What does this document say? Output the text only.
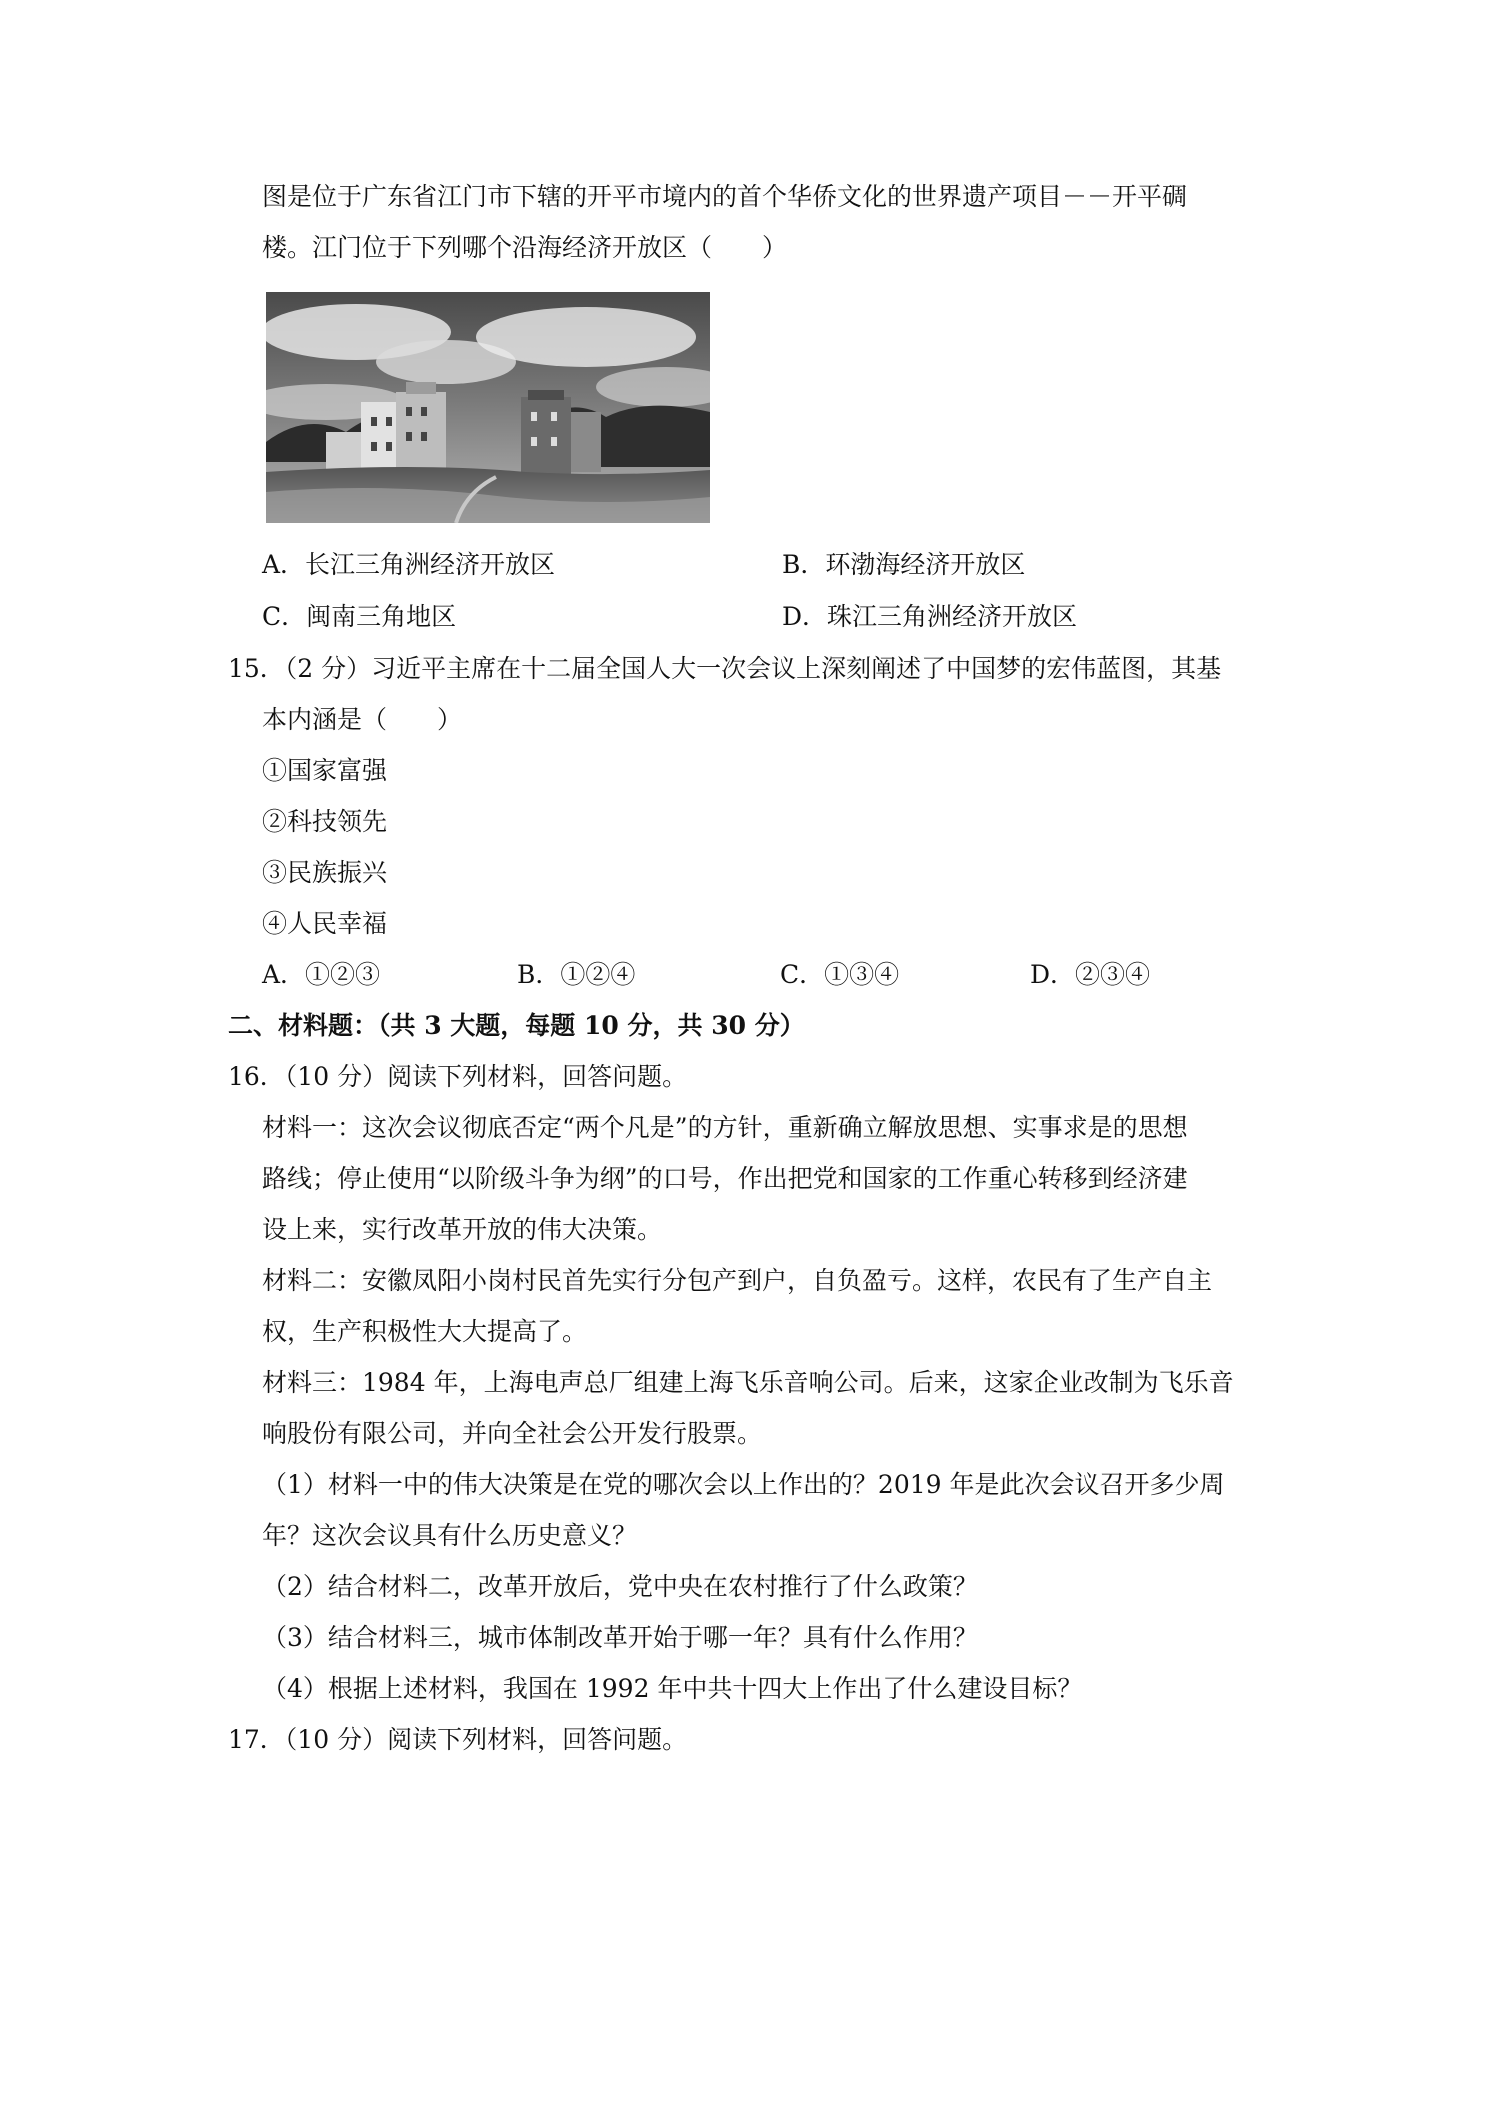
图是位于广东省江门市下辖的开平市境内的首个华侨文化的世界遗产项目－－开平碉

楼。江门位于下列哪个沿海经济开放区（　　）

A．长江三角洲经济开放区	B．环渤海经济开放区

C．闽南三角地区	D．珠江三角洲经济开放区

15．（2 分）习近平主席在十二届全国人大一次会议上深刻阐述了中国梦的宏伟蓝图，其基

本内涵是（　　）

①国家富强

②科技领先

③民族振兴

④人民幸福

A．①②③	B．①②④	C．①③④	D．②③④

二、材料题：（共 3 大题，每题 10 分，共 30 分）

16．（10 分）阅读下列材料，回答问题。

材料一：这次会议彻底否定“两个凡是”的方针，重新确立解放思想、实事求是的思想

路线；停止使用“以阶级斗争为纲”的口号，作出把党和国家的工作重心转移到经济建

设上来，实行改革开放的伟大决策。

材料二：安徽凤阳小岗村民首先实行分包产到户，自负盈亏。这样，农民有了生产自主

权，生产积极性大大提高了。

材料三：1984 年，上海电声总厂组建上海飞乐音响公司。后来，这家企业改制为飞乐音

响股份有限公司，并向全社会公开发行股票。

（1）材料一中的伟大决策是在党的哪次会以上作出的？2019 年是此次会议召开多少周

年？这次会议具有什么历史意义？

（2）结合材料二，改革开放后，党中央在农村推行了什么政策？

（3）结合材料三，城市体制改革开始于哪一年？具有什么作用？

（4）根据上述材料，我国在 1992 年中共十四大上作出了什么建设目标？

17．（10 分）阅读下列材料，回答问题。
